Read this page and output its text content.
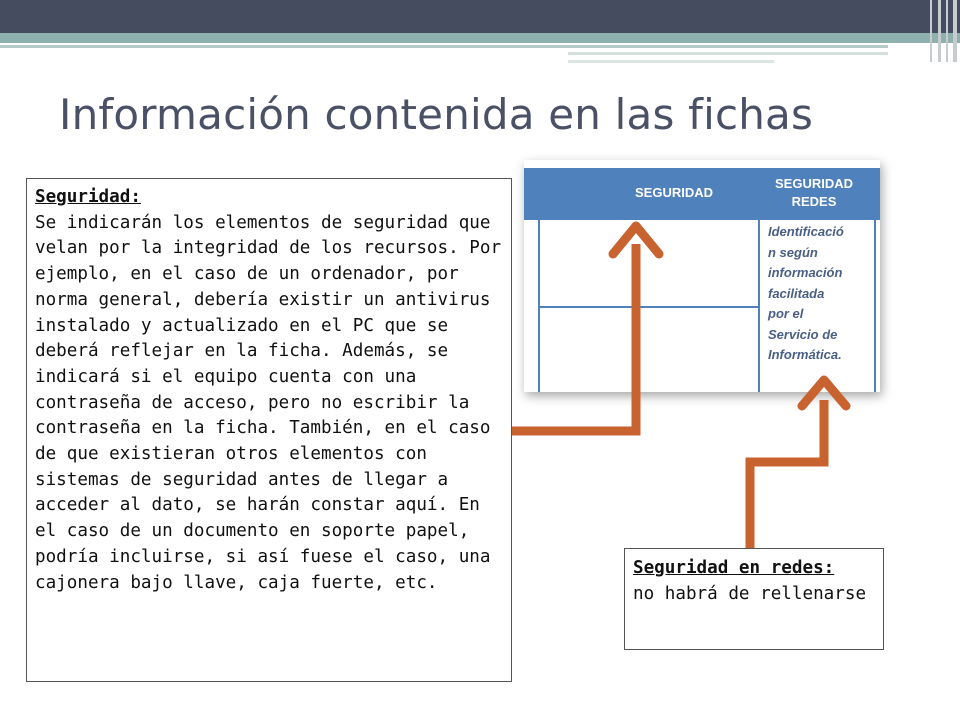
Información contenida en las fichas
SEGURIDAD
SEGURIDAD
REDES
Identificació
n según
información
facilitada
por el
Servicio de
Informática.
Seguridad:
Se indicarán los elementos de seguridad que velan por la integridad de los recursos. Por ejemplo, en el caso de un ordenador, por norma general, debería existir un antivirus instalado y actualizado en el PC que se deberá reflejar en la ficha. Además, se indicará si el equipo cuenta con una contraseña de acceso, pero no escribir la contraseña en la ficha. También, en el caso de que existieran otros elementos con sistemas de seguridad antes de llegar a acceder al dato, se harán constar aquí. En el caso de un documento en soporte papel, podría incluirse, si así fuese el caso, una cajonera bajo llave, caja fuerte, etc.
Seguridad en redes:
no habrá de rellenarse
